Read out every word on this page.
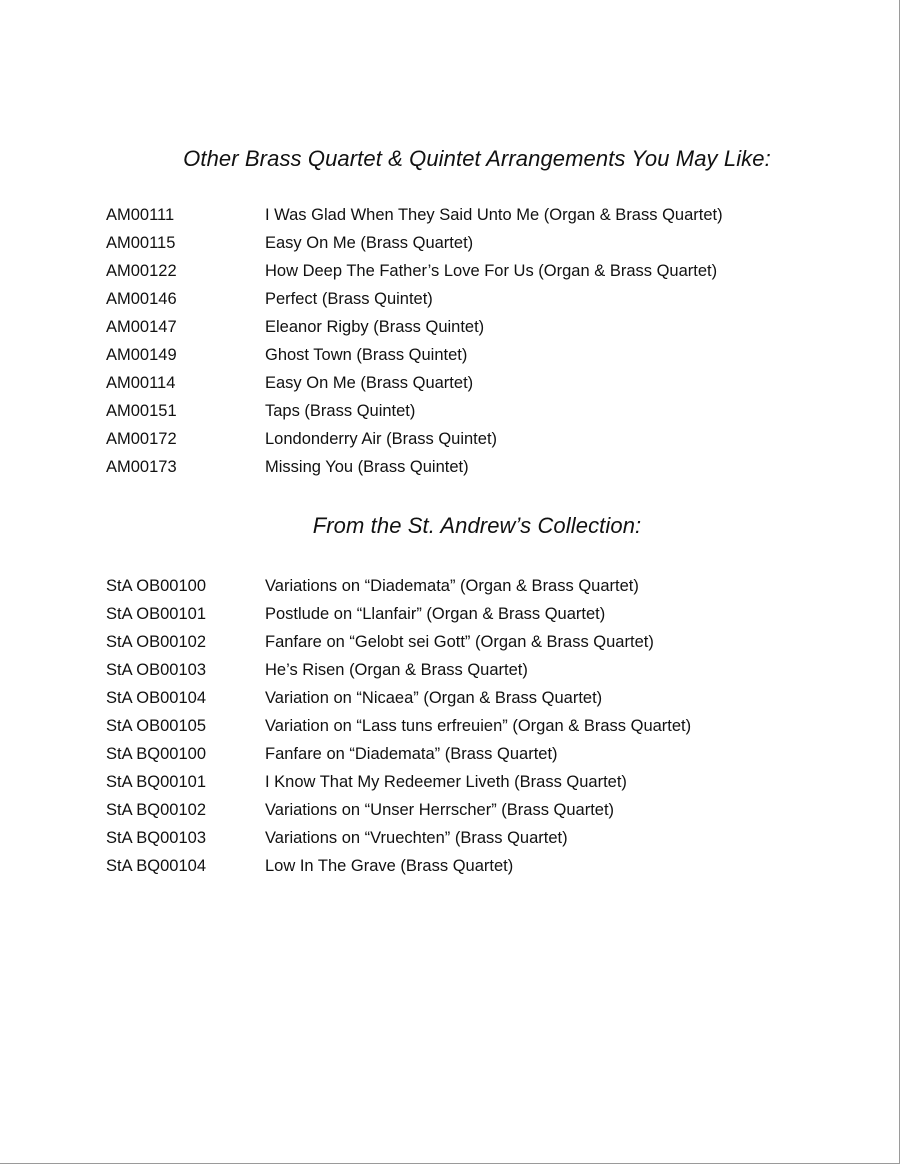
Other Brass Quartet & Quintet Arrangements You May Like:
AM00111	I Was Glad When They Said Unto Me (Organ & Brass Quartet)
AM00115	Easy On Me (Brass Quartet)
AM00122	How Deep The Father’s Love For Us (Organ & Brass Quartet)
AM00146	Perfect (Brass Quintet)
AM00147	Eleanor Rigby (Brass Quintet)
AM00149	Ghost Town (Brass Quintet)
AM00114	Easy On Me (Brass Quartet)
AM00151	Taps (Brass Quintet)
AM00172	Londonderry Air (Brass Quintet)
AM00173	Missing You (Brass Quintet)
From the St. Andrew’s Collection:
StA OB00100	Variations on “Diademata” (Organ & Brass Quartet)
StA OB00101	Postlude on “Llanfair” (Organ & Brass Quartet)
StA OB00102	Fanfare on “Gelobt sei Gott” (Organ & Brass Quartet)
StA OB00103	He’s Risen (Organ & Brass Quartet)
StA OB00104	Variation on “Nicaea” (Organ & Brass Quartet)
StA OB00105	Variation on “Lass tuns erfreuien” (Organ & Brass Quartet)
StA BQ00100	Fanfare on “Diademata” (Brass Quartet)
StA BQ00101	I Know That My Redeemer Liveth (Brass Quartet)
StA BQ00102	Variations on “Unser Herrscher” (Brass Quartet)
StA BQ00103	Variations on “Vruechten” (Brass Quartet)
StA BQ00104	Low In The Grave (Brass Quartet)
